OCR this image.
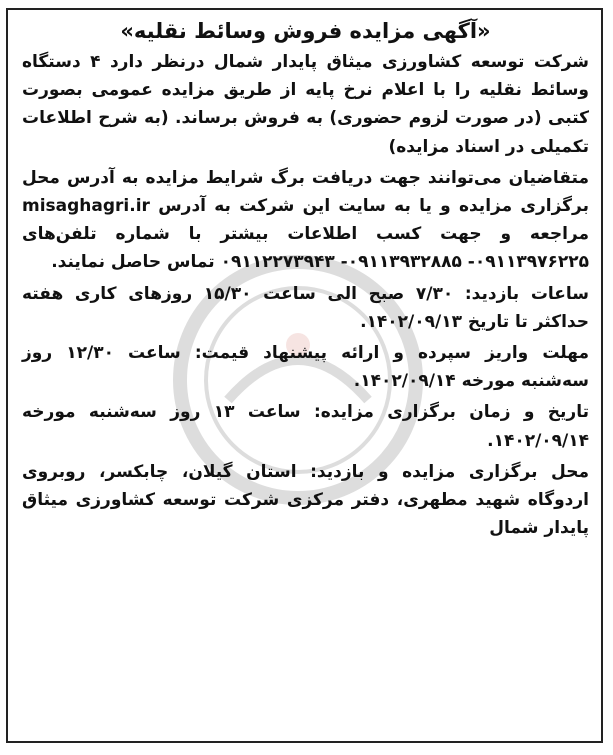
«آگهی مزایده فروش وسائط نقلیه»

شرکت توسعه کشاورزی میثاق پایدار شمال درنظر دارد ۴ دستگاه وسائط نقلیه را با اعلام نرخ پایه از طریق مزایده عمومی بصورت کتبی (در صورت لزوم حضوری) به فروش برساند. (به شرح اطلاعات تکمیلی در اسناد مزایده)

متقاضیان می‌توانند جهت دریافت برگ شرایط مزایده به آدرس محل برگزاری مزایده و یا به سایت این شرکت به آدرس misaghagri.ir مراجعه و جهت کسب اطلاعات بیشتر با شماره تلفن‌های ۰۹۱۱۳۹۷۶۲۲۵- ۰۹۱۱۳۹۳۲۸۸۵- ۰۹۱۱۲۲۷۳۹۴۳ تماس حاصل نمایند.

ساعات بازدید: ۷/۳۰ صبح الی ساعت ۱۵/۳۰ روزهای کاری هفته حداکثر تا تاریخ ۱۴۰۲/۰۹/۱۳.

مهلت واریز سپرده و ارائه پیشنهاد قیمت: ساعت ۱۲/۳۰ روز سه‌شنبه مورخه ۱۴۰۲/۰۹/۱۴.

تاریخ و زمان برگزاری مزایده: ساعت ۱۳ روز سه‌شنبه مورخه ۱۴۰۲/۰۹/۱۴.

محل برگزاری مزایده و بازدید: استان گیلان، چابکسر، روبروی اردوگاه شهید مطهری، دفتر مرکزی شرکت توسعه کشاورزی میثاق پایدار شمال
